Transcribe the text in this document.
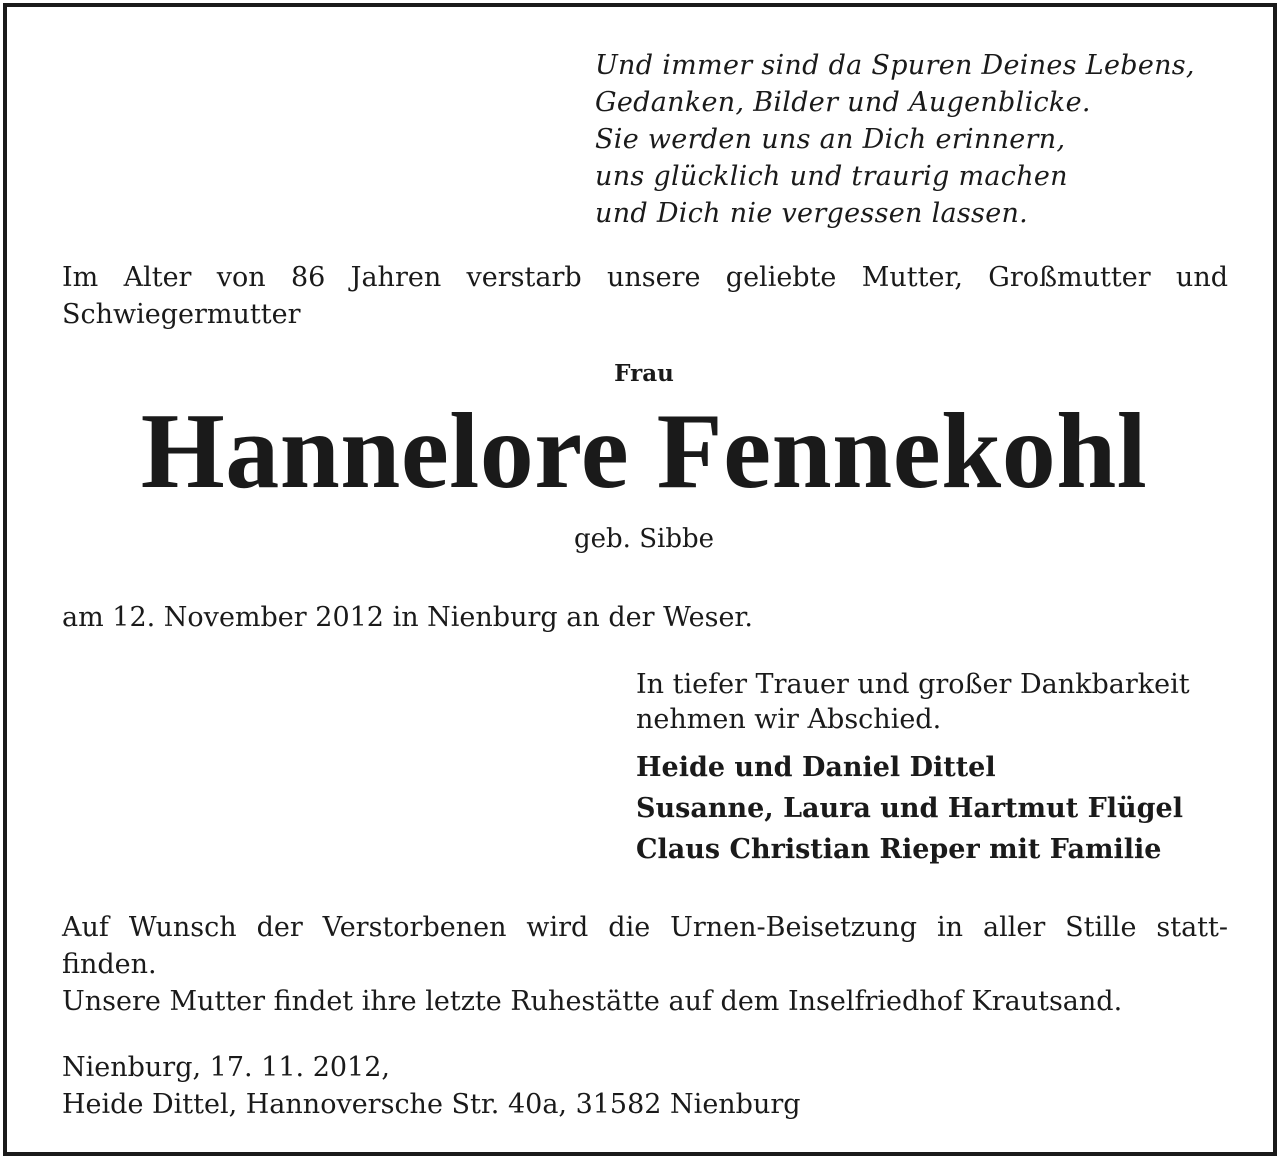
Und immer sind da Spuren Deines Lebens,
Gedanken, Bilder und Augenblicke.
Sie werden uns an Dich erinnern,
uns glücklich und traurig machen
und Dich nie vergessen lassen.
Im Alter von 86 Jahren verstarb unsere geliebte Mutter, Großmutter und
Schwiegermutter
Frau
Hannelore Fennekohl
geb. Sibbe
am 12. November 2012 in Nienburg an der Weser.
In tiefer Trauer und großer Dankbarkeit
nehmen wir Abschied.
Heide und Daniel Dittel
Susanne, Laura und Hartmut Flügel
Claus Christian Rieper mit Familie
Auf Wunsch der Verstorbenen wird die Urnen-Beisetzung in aller Stille statt-
finden.
Unsere Mutter findet ihre letzte Ruhestätte auf dem Inselfriedhof Krautsand.
Nienburg, 17. 11. 2012,
Heide Dittel, Hannoversche Str. 40a, 31582 Nienburg
